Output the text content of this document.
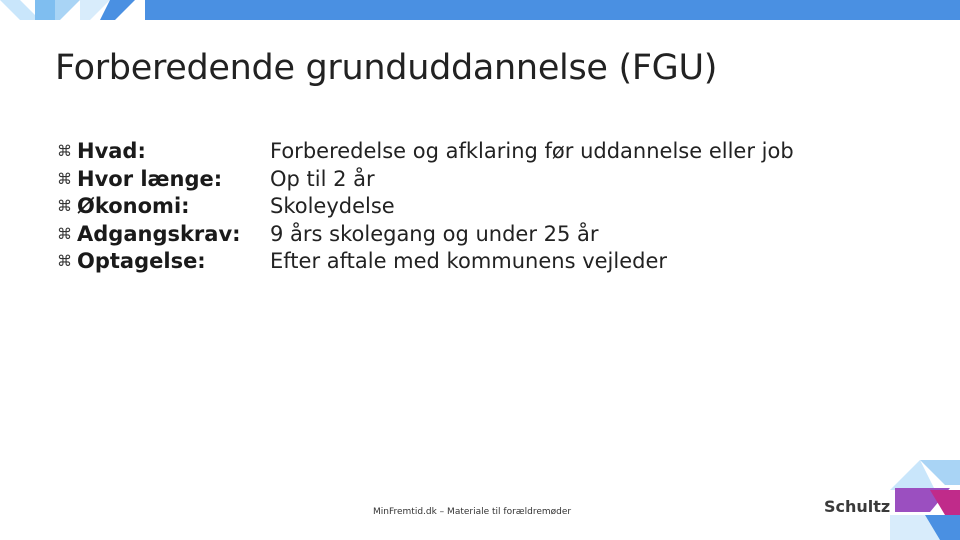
Forberedende grunduddannelse (FGU)
⌘ Hvad:	Forberedelse og afklaring før uddannelse eller job
⌘ Hvor længe: Op til 2 år
⌘ Økonomi:	Skoleydelse
⌘ Adgangskrav: 9 års skolegang og under 25 år
⌘ Optagelse:	Efter aftale med kommunens vejleder
MinFremtid.dk – Materiale til forældremøder	Schultz
